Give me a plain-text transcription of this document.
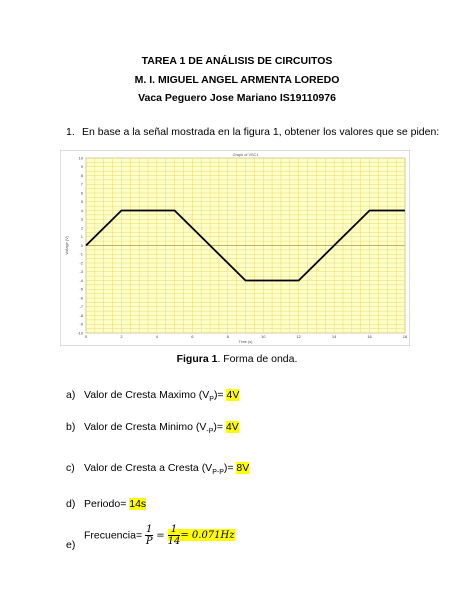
TAREA 1 DE ANÁLISIS DE CIRCUITOS
M. I. MIGUEL ANGEL ARMENTA LOREDO
Vaca Peguero Jose Mariano IS19110976
1. En base a la señal mostrada en la figura 1, obtener los valores que se piden:
0	2	4	6	8	10	12	14	16	18
-10
-9
-8
-7
-6
-5
-4
-3
-2
-1
0
1
2
3
4
5
6
7
8
9
10
Graph of VSC1
Time (s)
Voltage (V)
Figura 1. Forma de onda.
a) Valor de Cresta Maximo $(V_P)= 4V$
b) Valor de Cresta Minimo $(V_{-P})= 4V$
c) Valor de Cresta a Cresta $(V_{P-P})= 8V$
d) Periodo= 14s
e)Frecuencia= $\frac{1}{P} = \frac{1}{14} = 0.071Hz$
